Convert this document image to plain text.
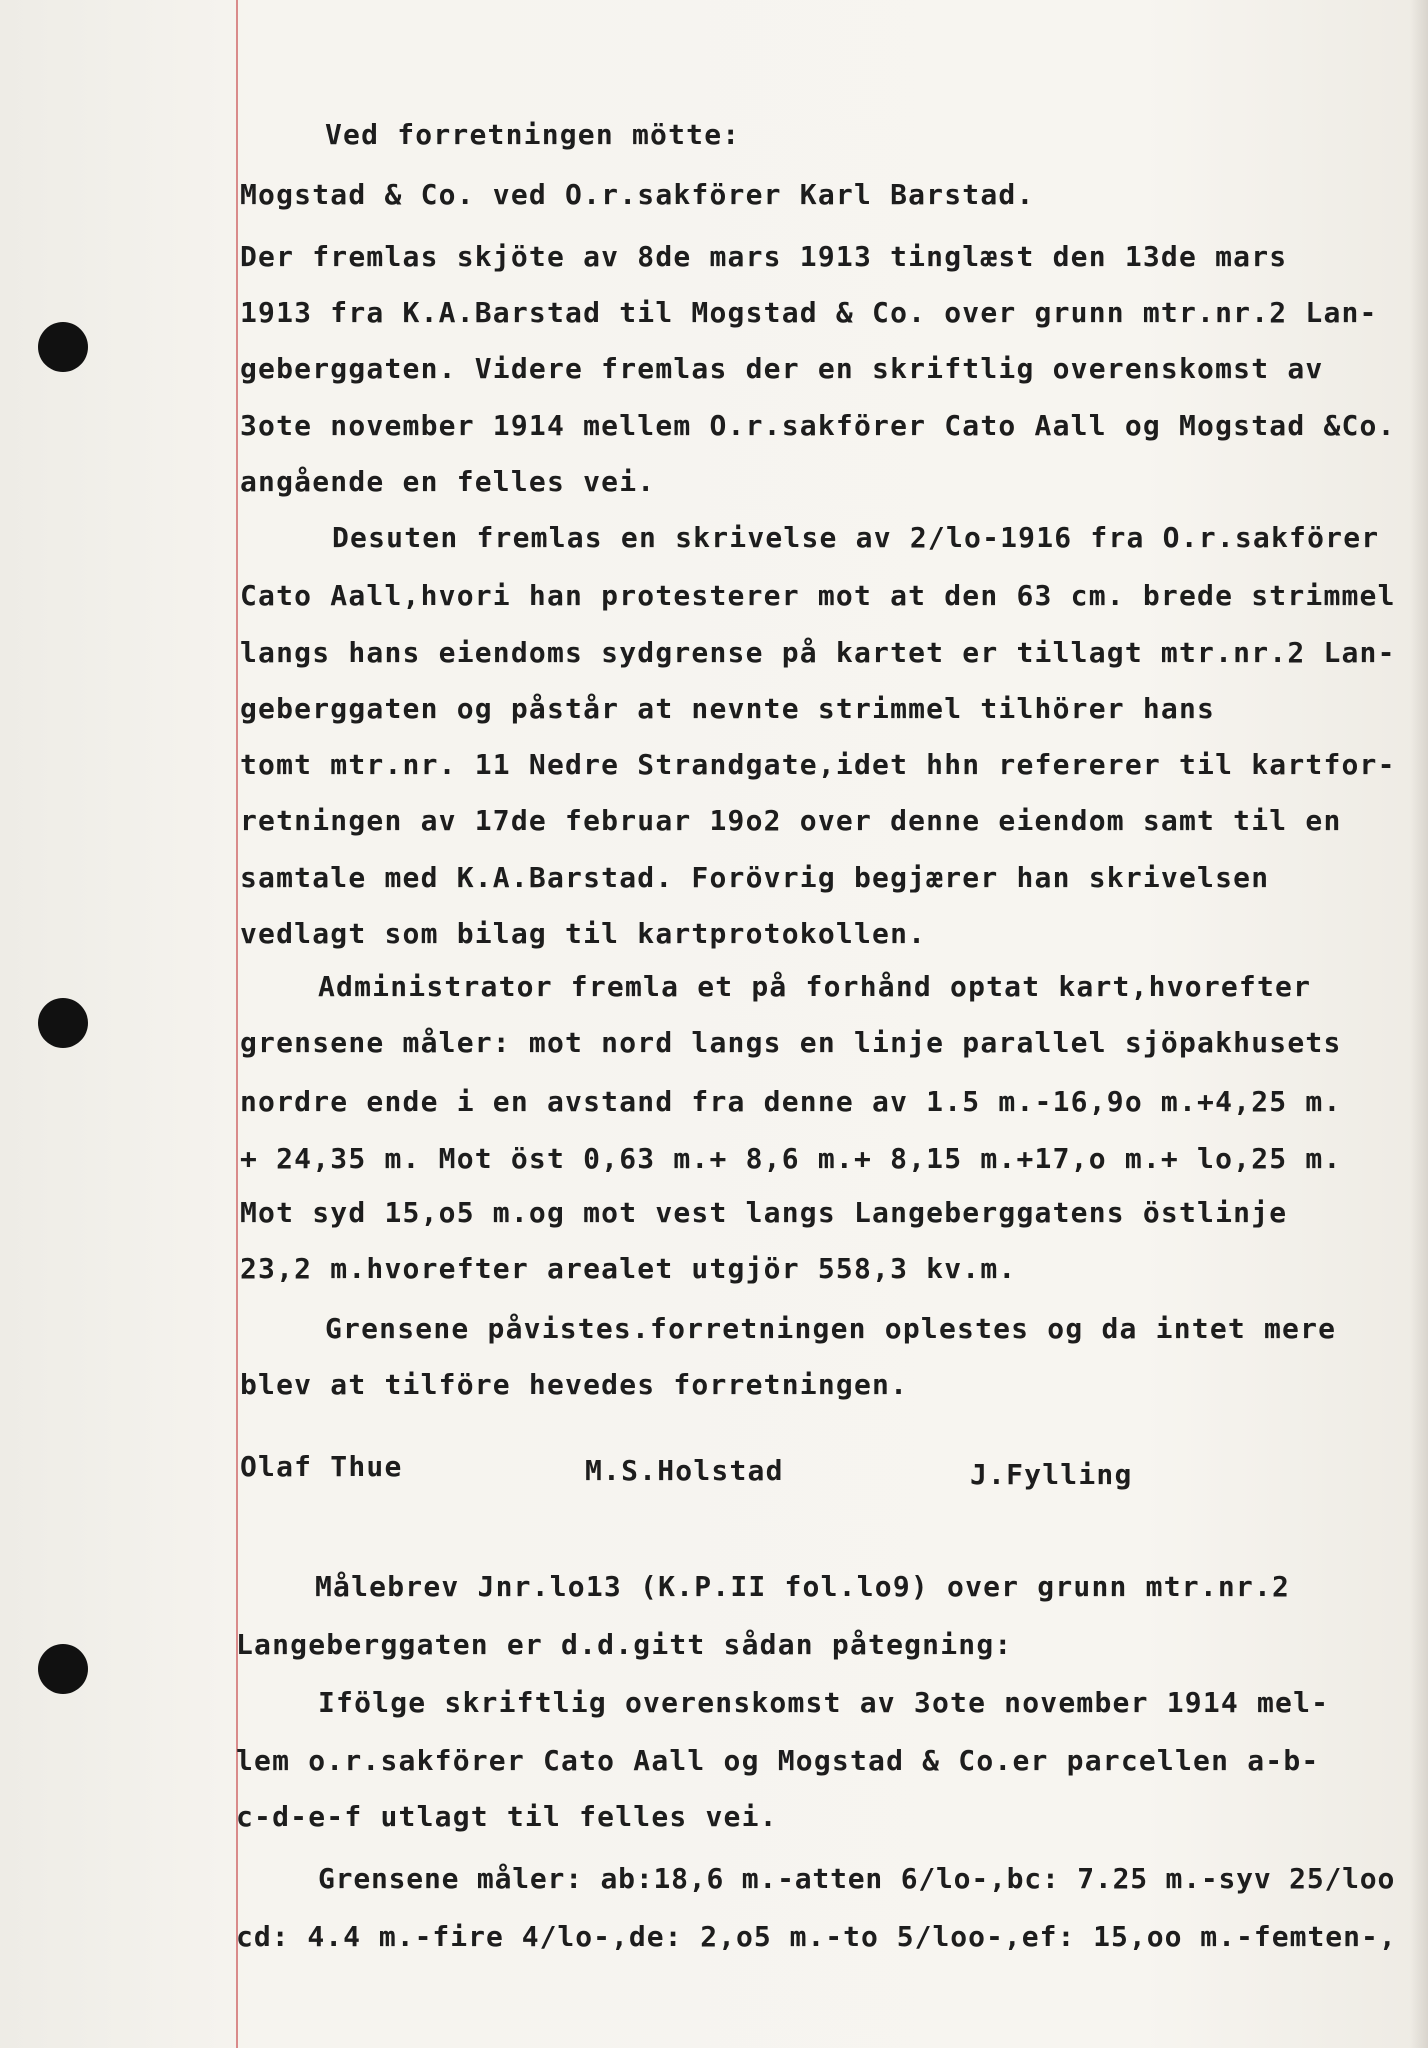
Ved forretningen mötte:
Mogstad & Co. ved O.r.sakförer Karl Barstad.
Der fremlas skjöte av 8de mars 1913 tinglæst den 13de mars
1913 fra K.A.Barstad til Mogstad & Co. over grunn mtr.nr.2 Lan-
geberggaten. Videre fremlas der en skriftlig overenskomst av
3ote november 1914 mellem O.r.sakförer Cato Aall og Mogstad &Co.
angående en felles vei.
Desuten fremlas en skrivelse av 2/lo-1916 fra O.r.sakförer
Cato Aall,hvori han protesterer mot at den 63 cm. brede strimmel
langs hans eiendoms sydgrense på kartet er tillagt mtr.nr.2 Lan-
geberggaten og påstår at nevnte strimmel tilhörer hans
tomt mtr.nr. 11 Nedre Strandgate,idet hhn refererer til kartfor-
retningen av 17de februar 19o2 over denne eiendom samt til en
samtale med K.A.Barstad. Forövrig begjærer han skrivelsen
vedlagt som bilag til kartprotokollen.
Administrator fremla et på forhånd optat kart,hvorefter
grensene måler: mot nord langs en linje parallel sjöpakhusets
nordre ende i en avstand fra denne av 1.5 m.-16,9o m.+4,25 m.
+ 24,35 m. Mot öst 0,63 m.+ 8,6 m.+ 8,15 m.+17,o m.+ lo,25 m.
Mot syd 15,o5 m.og mot vest langs Langeberggatens östlinje
23,2 m.hvorefter arealet utgjör 558,3 kv.m.
Grensene påvistes.forretningen oplestes og da intet mere
blev at tilföre hevedes forretningen.
Olaf Thue	M.S.Holstad	J.Fylling
Målebrev Jnr.lo13 (K.P.II fol.lo9) over grunn mtr.nr.2
Langeberggaten er d.d.gitt sådan påtegning:
Ifölge skriftlig overenskomst av 3ote november 1914 mel-
lem o.r.sakförer Cato Aall og Mogstad & Co.er parcellen a-b-
c-d-e-f utlagt til felles vei.
Grensene måler: ab:18,6 m.-atten 6/lo-,bc: 7.25 m.-syv 25/loo
cd: 4.4 m.-fire 4/lo-,de: 2,o5 m.-to 5/loo-,ef: 15,oo m.-femten-,
